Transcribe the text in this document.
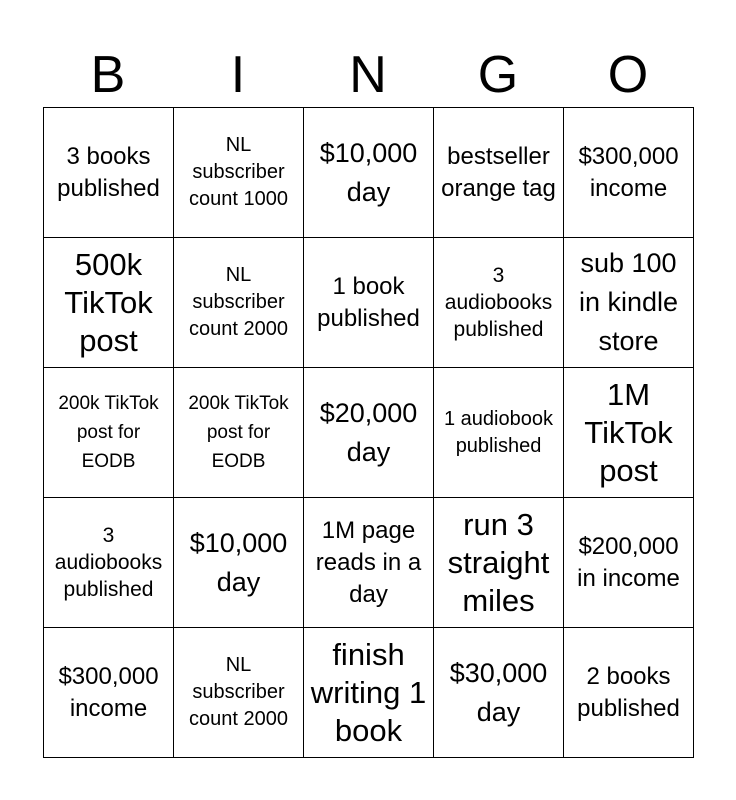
B	I	N	G	O
3 books published	NL subscriber count 1000	$10,000 day	bestseller orange tag	$300,000 income
500k TikTok post	NL subscriber count 2000	1 book published	3 audiobooks published	sub 100 in kindle store
200k TikTok post for EODB	200k TikTok post for EODB	$20,000 day	1 audiobook published	1M TikTok post
3 audiobooks published	$10,000 day	1M page reads in a day	run 3 straight miles	$200,000 in income
$300,000 income	NL subscriber count 2000	finish writing 1 book	$30,000 day	2 books published
